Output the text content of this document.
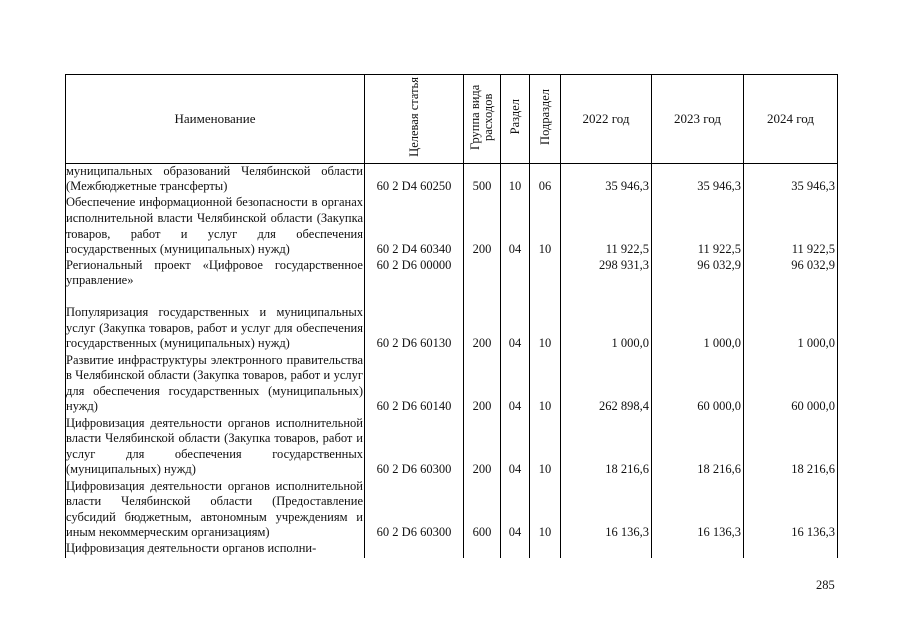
Наименование	Целевая статья	Группа вида расходов	Раздел	Подраздел	2022 год	2023 год	2024 год
муниципальных образований Челябинской области (Межбюджетные трансферты)	60 2 D4 60250	500	10	06	35 946,3	35 946,3	35 946,3
Обеспечение информационной безопасности в органах исполнительной власти Челябинской области (Закупка товаров, работ и услуг для обеспечения государственных (муниципальных) нужд)	60 2 D4 60340	200	04	10	11 922,5	11 922,5	11 922,5
Региональный проект «Цифровое государственное управление»	60 2 D6 00000				298 931,3	96 032,9	96 032,9
Популяризация государственных и муниципальных услуг (Закупка товаров, работ и услуг для обеспечения государственных (муниципальных) нужд)	60 2 D6 60130	200	04	10	1 000,0	1 000,0	1 000,0
Развитие инфраструктуры электронного правительства в Челябинской области (Закупка товаров, работ и услуг для обеспечения государственных (муниципальных) нужд)	60 2 D6 60140	200	04	10	262 898,4	60 000,0	60 000,0
Цифровизация деятельности органов исполнительной власти Челябинской области (Закупка товаров, работ и услуг для обеспечения государственных (муниципальных) нужд)	60 2 D6 60300	200	04	10	18 216,6	18 216,6	18 216,6
Цифровизация деятельности органов исполнительной власти Челябинской области (Предоставление субсидий бюджетным, автономным учреждениям и иным некоммерческим организациям)	60 2 D6 60300	600	04	10	16 136,3	16 136,3	16 136,3
Цифровизация деятельности органов исполни-							
285
